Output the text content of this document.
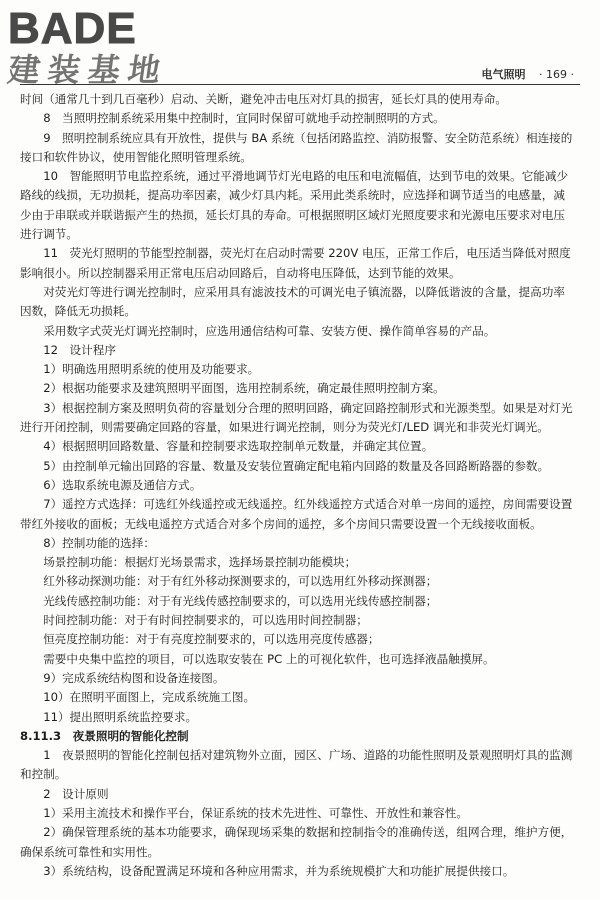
BADE
建装基地	电气照明 · 169 ·

时间（通常几十到几百毫秒）启动、关断，避免冲击电压对灯具的损害，延长灯具的使用寿命。

8　当照明控制系统采用集中控制时，宜同时保留可就地手动控制照明的方式。

9　照明控制系统应具有开放性，提供与 BA 系统（包括闭路监控、消防报警、安全防范系统）相连接的接口和软件协议，使用智能化照明管理系统。

10　智能照明节电监控系统，通过平滑地调节灯光电路的电压和电流幅值，达到节电的效果。它能减少路线的线损，无功损耗，提高功率因素，减少灯具内耗。采用此类系统时，应选择和调节适当的电感量，减少由于串联或并联谐振产生的热损，延长灯具的寿命。可根据照明区域灯光照度要求和光源电压要求对电压进行调节。

11　荧光灯照明的节能型控制器，荧光灯在启动时需要 220V 电压，正常工作后，电压适当降低对照度影响很小。所以控制器采用正常电压启动回路后，自动将电压降低，达到节能的效果。

对荧光灯等进行调光控制时，应采用具有滤波技术的可调光电子镇流器，以降低谐波的含量，提高功率因数，降低无功损耗。

采用数字式荧光灯调光控制时，应选用通信结构可靠、安装方便、操作简单容易的产品。

12　设计程序

1）明确选用照明系统的使用及功能要求。

2）根据功能要求及建筑照明平面图，选用控制系统，确定最佳照明控制方案。

3）根据控制方案及照明负荷的容量划分合理的照明回路，确定回路控制形式和光源类型。如果是对灯光进行开闭控制，则需要确定回路的容量，如果进行调光控制，则分为荧光灯/LED 调光和非荧光灯调光。

4）根据照明回路数量、容量和控制要求选取控制单元数量，并确定其位置。

5）由控制单元输出回路的容量、数量及安装位置确定配电箱内回路的数量及各回路断路器的参数。

6）选取系统电源及通信方式。

7）遥控方式选择：可选红外线遥控或无线遥控。红外线遥控方式适合对单一房间的遥控，房间需要设置带红外接收的面板；无线电遥控方式适合对多个房间的遥控，多个房间只需要设置一个无线接收面板。

8）控制功能的选择：

场景控制功能：根据灯光场景需求，选择场景控制功能模块；

红外移动探测功能：对于有红外移动探测要求的，可以选用红外移动探测器；

光线传感控制功能：对于有光线传感控制要求的，可以选用光线传感控制器；

时间控制功能：对于有时间控制要求的，可以选用时间控制器；

恒亮度控制功能：对于有亮度控制要求的，可以选用亮度传感器；

需要中央集中监控的项目，可以选取安装在 PC 上的可视化软件，也可选择液晶触摸屏。

9）完成系统结构图和设备连接图。

10）在照明平面图上，完成系统施工图。

11）提出照明系统监控要求。

8.11.3　夜景照明的智能化控制

1　夜景照明的智能化控制包括对建筑物外立面，园区、广场、道路的功能性照明及景观照明灯具的监测和控制。

2　设计原则

1）采用主流技术和操作平台，保证系统的技术先进性、可靠性、开放性和兼容性。

2）确保管理系统的基本功能要求，确保现场采集的数据和控制指令的准确传送，组网合理，维护方便，确保系统可靠性和实用性。

3）系统结构，设备配置满足环境和各种应用需求，并为系统规模扩大和功能扩展提供接口。
